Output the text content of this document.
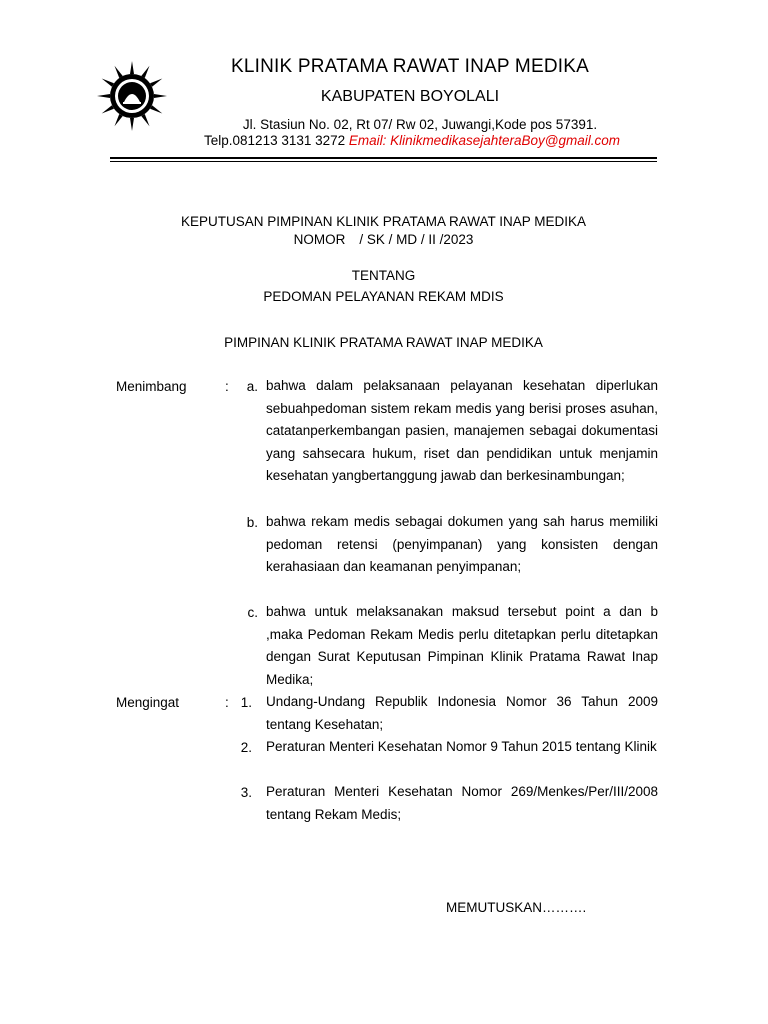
KLINIK PRATAMA RAWAT INAP MEDIKA
KABUPATEN BOYOLALI
Jl. Stasiun No. 02, Rt 07/ Rw 02, Juwangi,Kode pos 57391.
Telp.081213 3131 3272 Email: KlinikmedikasejahteraBoy@gmail.com
KEPUTUSAN PIMPINAN KLINIK PRATAMA RAWAT INAP MEDIKA
NOMOR / SK / MD / II /2023
TENTANG
PEDOMAN PELAYANAN REKAM MDIS
PIMPINAN KLINIK PRATAMA RAWAT INAP MEDIKA
Menimbang	:	a. bahwa dalam pelaksanaan pelayanan kesehatan diperlukan sebuahpedoman sistem rekam medis yang berisi proses asuhan, catatanperkembangan pasien, manajemen sebagai dokumentasi yang sahsecara hukum, riset dan pendidikan untuk menjamin kesehatan yangbertanggung jawab dan berkesinambungan;
b. bahwa rekam medis sebagai dokumen yang sah harus memiliki pedoman retensi (penyimpanan) yang konsisten dengan kerahasiaan dan keamanan penyimpanan;
c. bahwa untuk melaksanakan maksud tersebut point a dan b ,maka Pedoman Rekam Medis perlu ditetapkan perlu ditetapkan dengan Surat Keputusan Pimpinan Klinik Pratama Rawat Inap Medika;
Mengingat	: 1. Undang-Undang Republik Indonesia Nomor 36 Tahun 2009 tentang Kesehatan;
2. Peraturan Menteri Kesehatan Nomor 9 Tahun 2015 tentang Klinik
3. Peraturan Menteri Kesehatan Nomor 269/Menkes/Per/III/2008 tentang Rekam Medis;
MEMUTUSKAN……….
